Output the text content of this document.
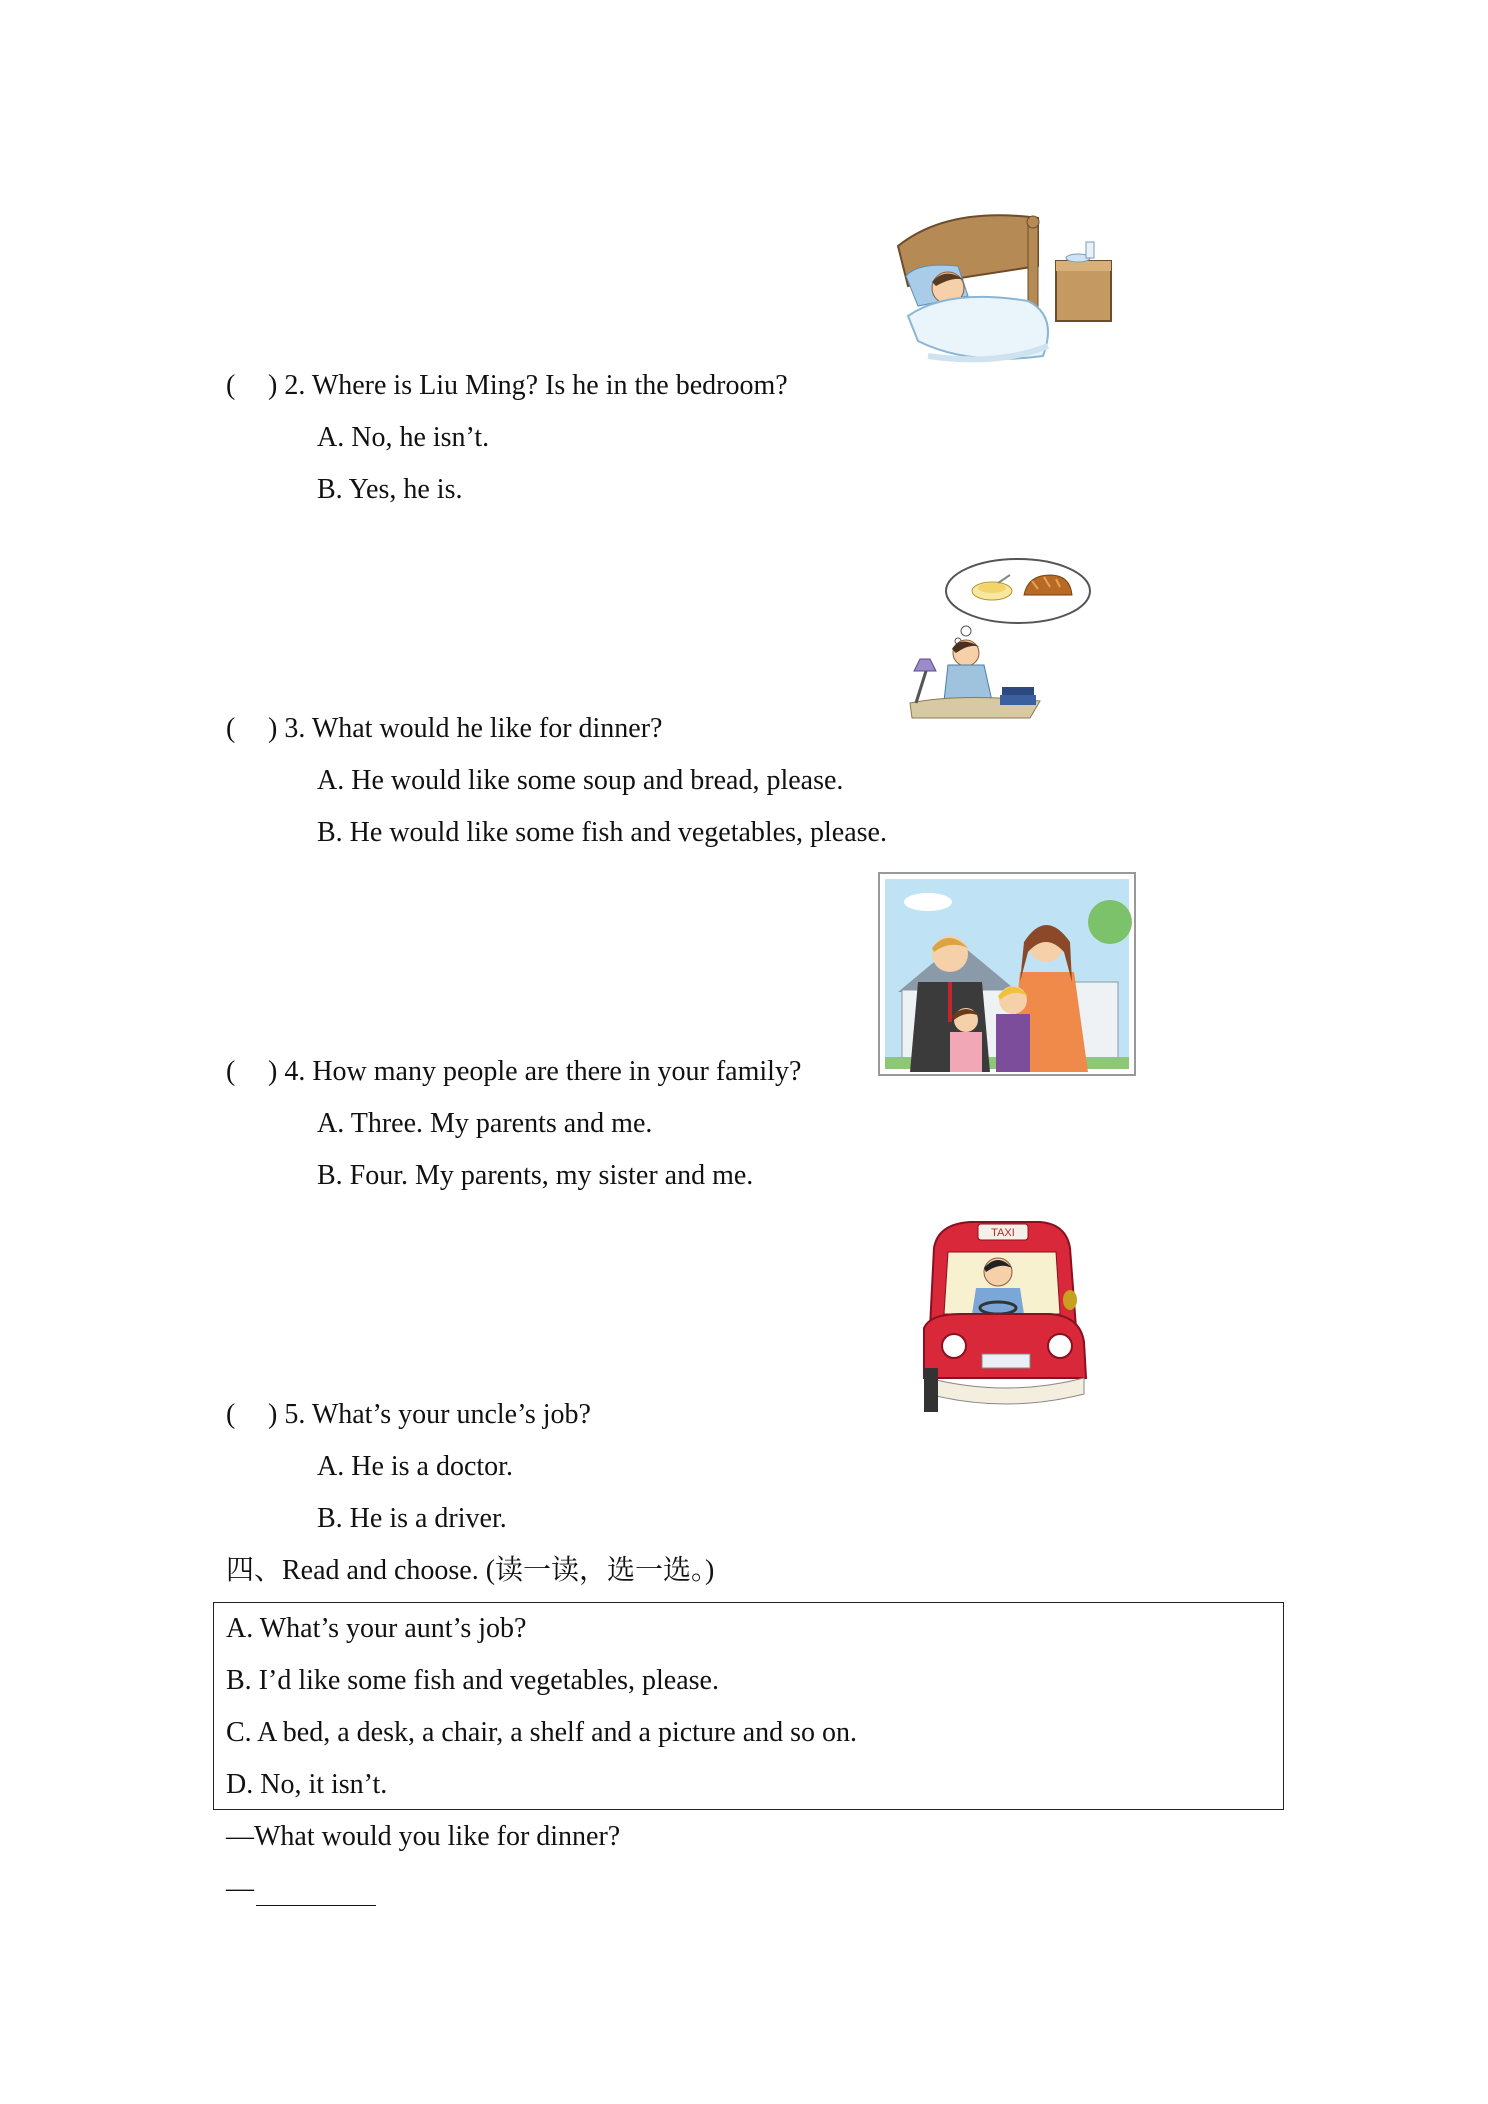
( ) 2. Where is Liu Ming? Is he in the bedroom?
A. No, he isn’t.
B. Yes, he is.
( ) 3. What would he like for dinner?
A. He would like some soup and bread, please.
B. He would like some fish and vegetables, please.
( ) 4. How many people are there in your family?
A. Three. My parents and me.
B. Four. My parents, my sister and me.
TAXI
( ) 5. What’s your uncle’s job?
A. He is a doctor.
B. He is a driver.
四、Read and choose. (读一读，选一选。)
A. What’s your aunt’s job?
B. I’d like some fish and vegetables, please.
C. A bed, a desk, a chair, a shelf and a picture and so on.
D. No, it isn’t.
—What would you like for dinner?
—
